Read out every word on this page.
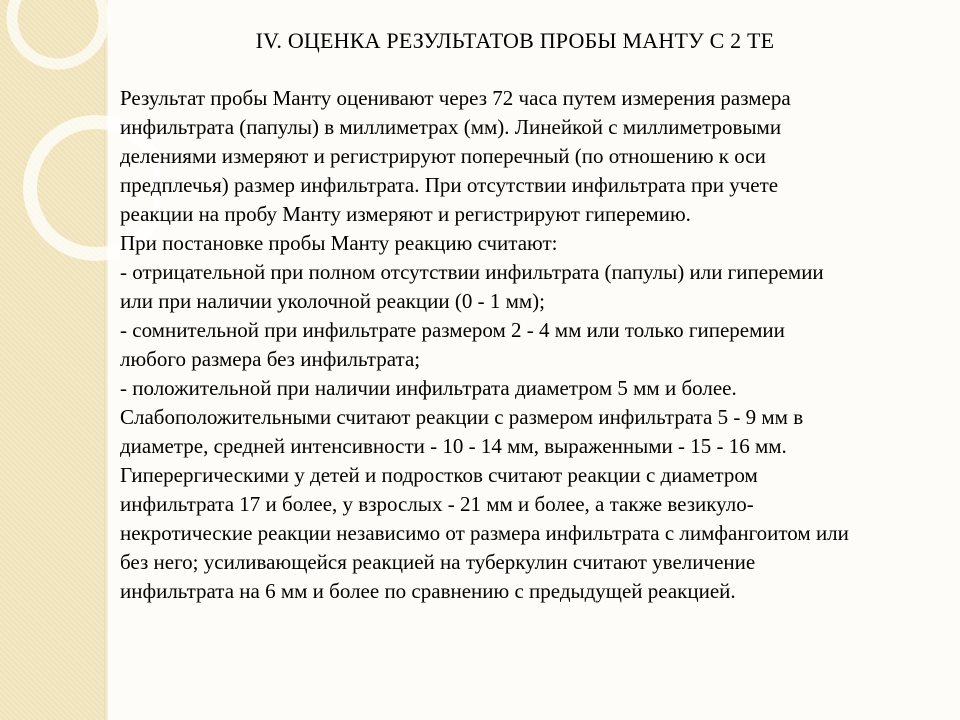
IV. ОЦЕНКА РЕЗУЛЬТАТОВ ПРОБЫ МАНТУ С 2 ТЕ
Результат пробы Манту оценивают через 72 часа путем измерения размера
инфильтрата (папулы) в миллиметрах (мм). Линейкой с миллиметровыми
делениями измеряют и регистрируют поперечный (по отношению к оси
предплечья) размер инфильтрата. При отсутствии инфильтрата при учете
реакции на пробу Манту измеряют и регистрируют гиперемию.
При постановке пробы Манту реакцию считают:
- отрицательной при полном отсутствии инфильтрата (папулы) или гиперемии
или при наличии уколочной реакции (0 - 1 мм);
- сомнительной при инфильтрате размером 2 - 4 мм или только гиперемии
любого размера без инфильтрата;
- положительной при наличии инфильтрата диаметром 5 мм и более.
Слабоположительными считают реакции с размером инфильтрата 5 - 9 мм в
диаметре, средней интенсивности - 10 - 14 мм, выраженными - 15 - 16 мм.
Гиперергическими у детей и подростков считают реакции с диаметром
инфильтрата 17 и более, у взрослых - 21 мм и более, а также везикуло-
некротические реакции независимо от размера инфильтрата с лимфангоитом или
без него; усиливающейся реакцией на туберкулин считают увеличение
инфильтрата на 6 мм и более по сравнению с предыдущей реакцией.
